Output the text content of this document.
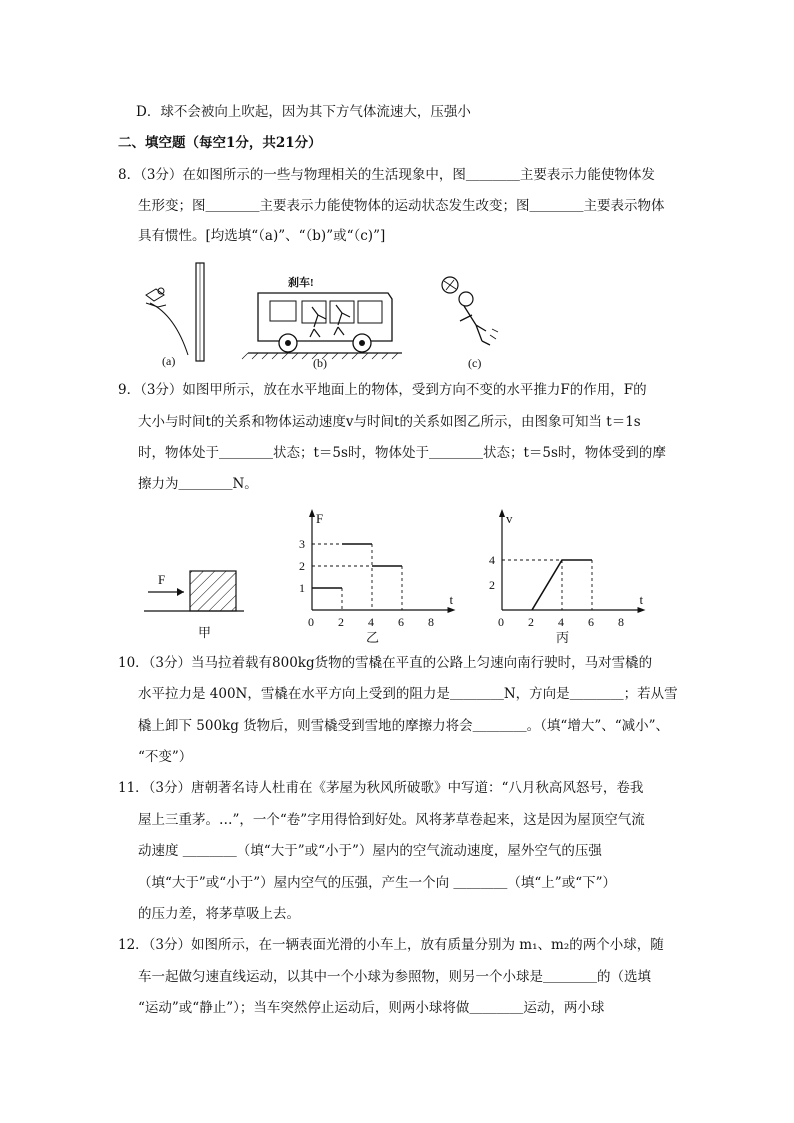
D．球不会被向上吹起，因为其下方气体流速大，压强小
二、填空题（每空1分，共21分）
8．（3分）在如图所示的一些与物理相关的生活现象中，图＿＿＿＿主要表示力能使物体发
生形变；图＿＿＿＿主要表示力能使物体的运动状态发生改变；图＿＿＿＿主要表示物体
具有惯性。[均选填“（a)”、“（b)”或“（c)”]
(a)
刹车!
(b)	(c)
9．（3分）如图甲所示，放在水平地面上的物体，受到方向不变的水平推力F的作用，F的
大小与时间t的关系和物体运动速度v与时间t的关系如图乙所示，由图象可知当 t＝1s
时，物体处于＿＿＿＿状态；t＝5s时，物体处于＿＿＿＿状态；t＝5s时，物体受到的摩
擦力为＿＿＿＿N。
F
甲
0 2 4 6 8
1
2
3
F
t
乙
0 2 4 6 8
2
4
v
t
丙
10．（3分）当马拉着载有800kg货物的雪橇在平直的公路上匀速向南行驶时，马对雪橇的
水平拉力是 400N，雪橇在水平方向上受到的阻力是＿＿＿＿N，方向是＿＿＿＿；若从雪
橇上卸下 500kg 货物后，则雪橇受到雪地的摩擦力将会＿＿＿＿。（填“增大”、“减小”、
“不变”）
11．（3分）唐朝著名诗人杜甫在《茅屋为秋风所破歌》中写道：“八月秋高风怒号，卷我
屋上三重茅。…”，一个“卷”字用得恰到好处。风将茅草卷起来，这是因为屋顶空气流
动速度 ＿＿＿＿（填“大于”或“小于”）屋内的空气流动速度，屋外空气的压强
（填“大于”或“小于”）屋内空气的压强，产生一个向 ＿＿＿＿（填“上”或“下”）
的压力差，将茅草吸上去。
12．（3分）如图所示，在一辆表面光滑的小车上，放有质量分别为 m₁、m₂的两个小球，随
车一起做匀速直线运动，以其中一个小球为参照物，则另一个小球是＿＿＿＿的（选填
“运动”或“静止”）；当车突然停止运动后，则两小球将做＿＿＿＿运动，两小球
